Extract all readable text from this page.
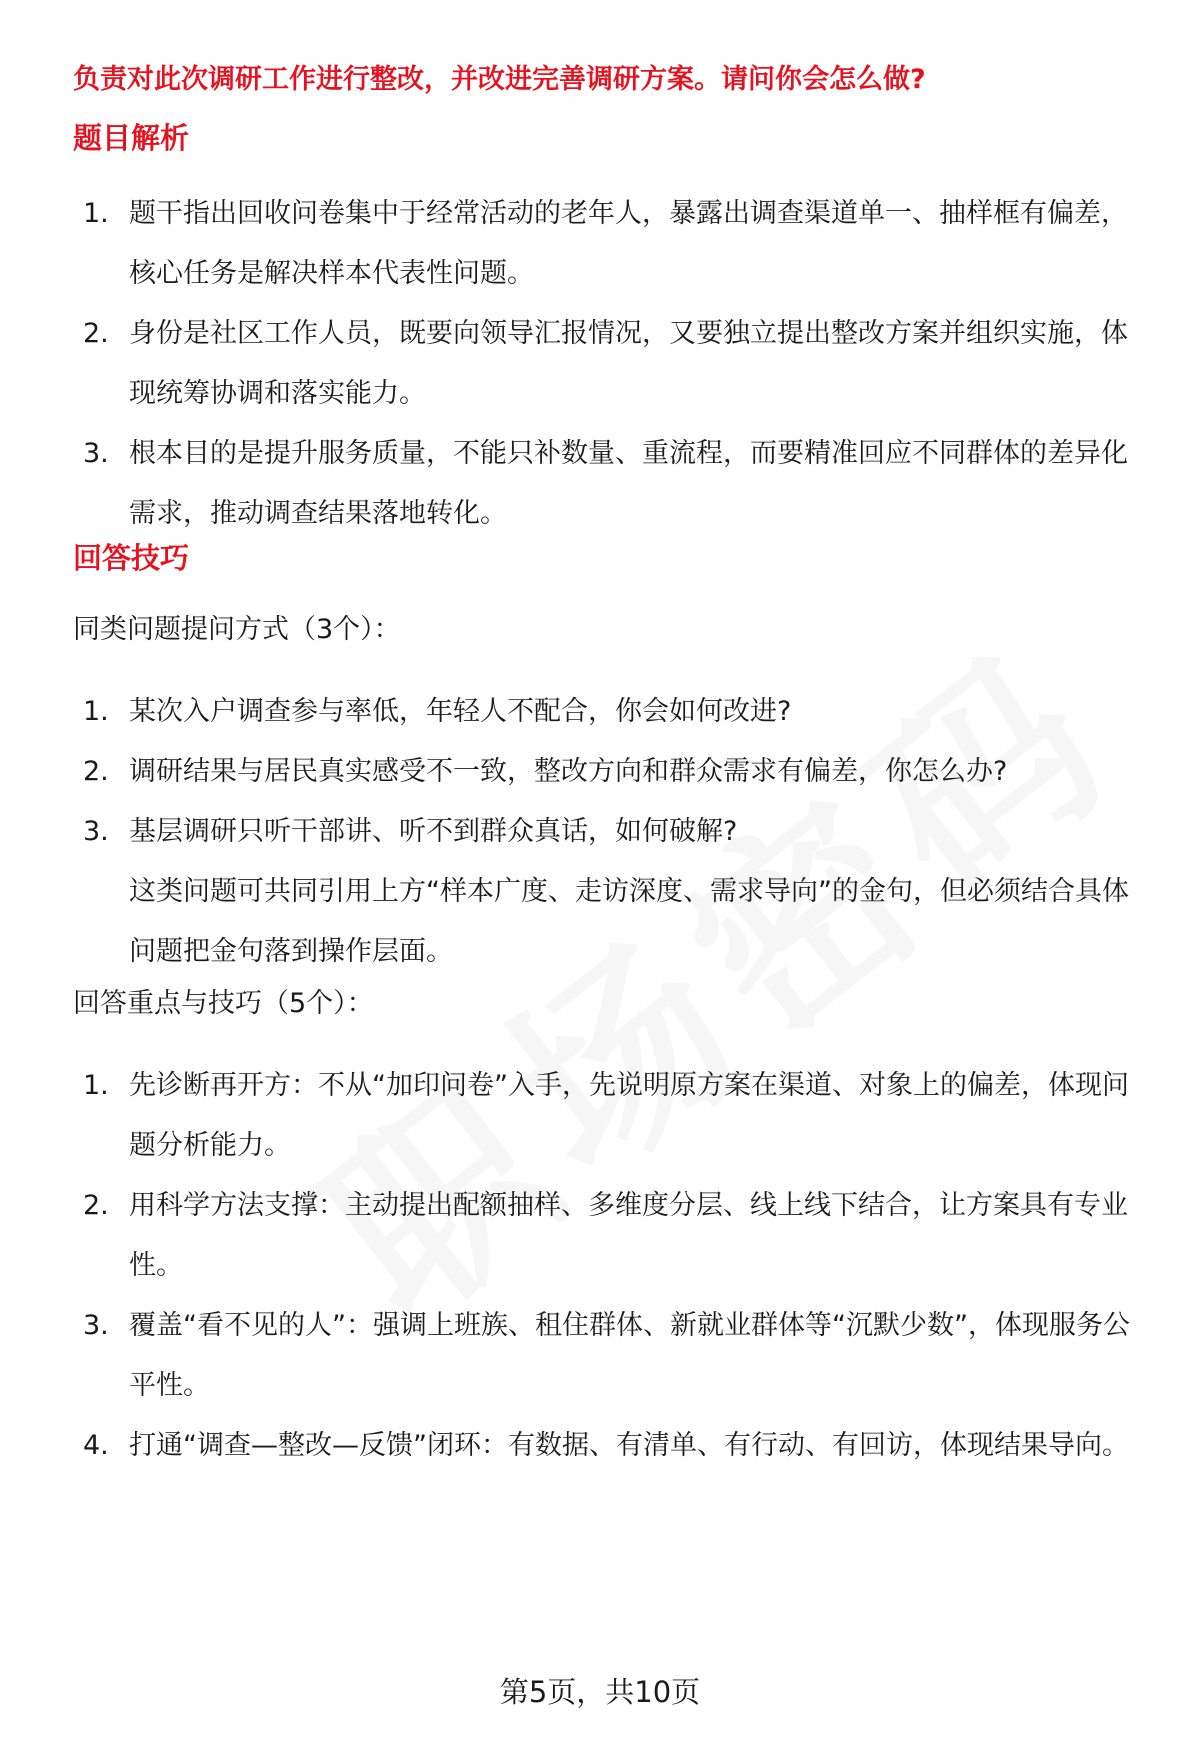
负责对此次调研工作进行整改，并改进完善调研方案。请问你会怎么做?
题目解析
1. 题干指出回收问卷集中于经常活动的老年人，暴露出调查渠道单一、抽样框有偏差，核心任务是解决样本代表性问题。
2. 身份是社区工作人员，既要向领导汇报情况，又要独立提出整改方案并组织实施，体现统筹协调和落实能力。
3. 根本目的是提升服务质量，不能只补数量、重流程，而要精准回应不同群体的差异化需求，推动调查结果落地转化。
回答技巧
同类问题提问方式（3个）：
1. 某次入户调查参与率低，年轻人不配合，你会如何改进?
2. 调研结果与居民真实感受不一致，整改方向和群众需求有偏差，你怎么办?
3. 基层调研只听干部讲、听不到群众真话，如何破解?
这类问题可共同引用上方“样本广度、走访深度、需求导向”的金句，但必须结合具体问题把金句落到操作层面。
回答重点与技巧（5个）：
1. 先诊断再开方：不从“加印问卷”入手，先说明原方案在渠道、对象上的偏差，体现问题分析能力。
2. 用科学方法支撑：主动提出配额抽样、多维度分层、线上线下结合，让方案具有专业性。
3. 覆盖“看不见的人”：强调上班族、租住群体、新就业群体等“沉默少数”，体现服务公平性。
4. 打通“调查—整改—反馈”闭环：有数据、有清单、有行动、有回访，体现结果导向。
第5页，共10页
